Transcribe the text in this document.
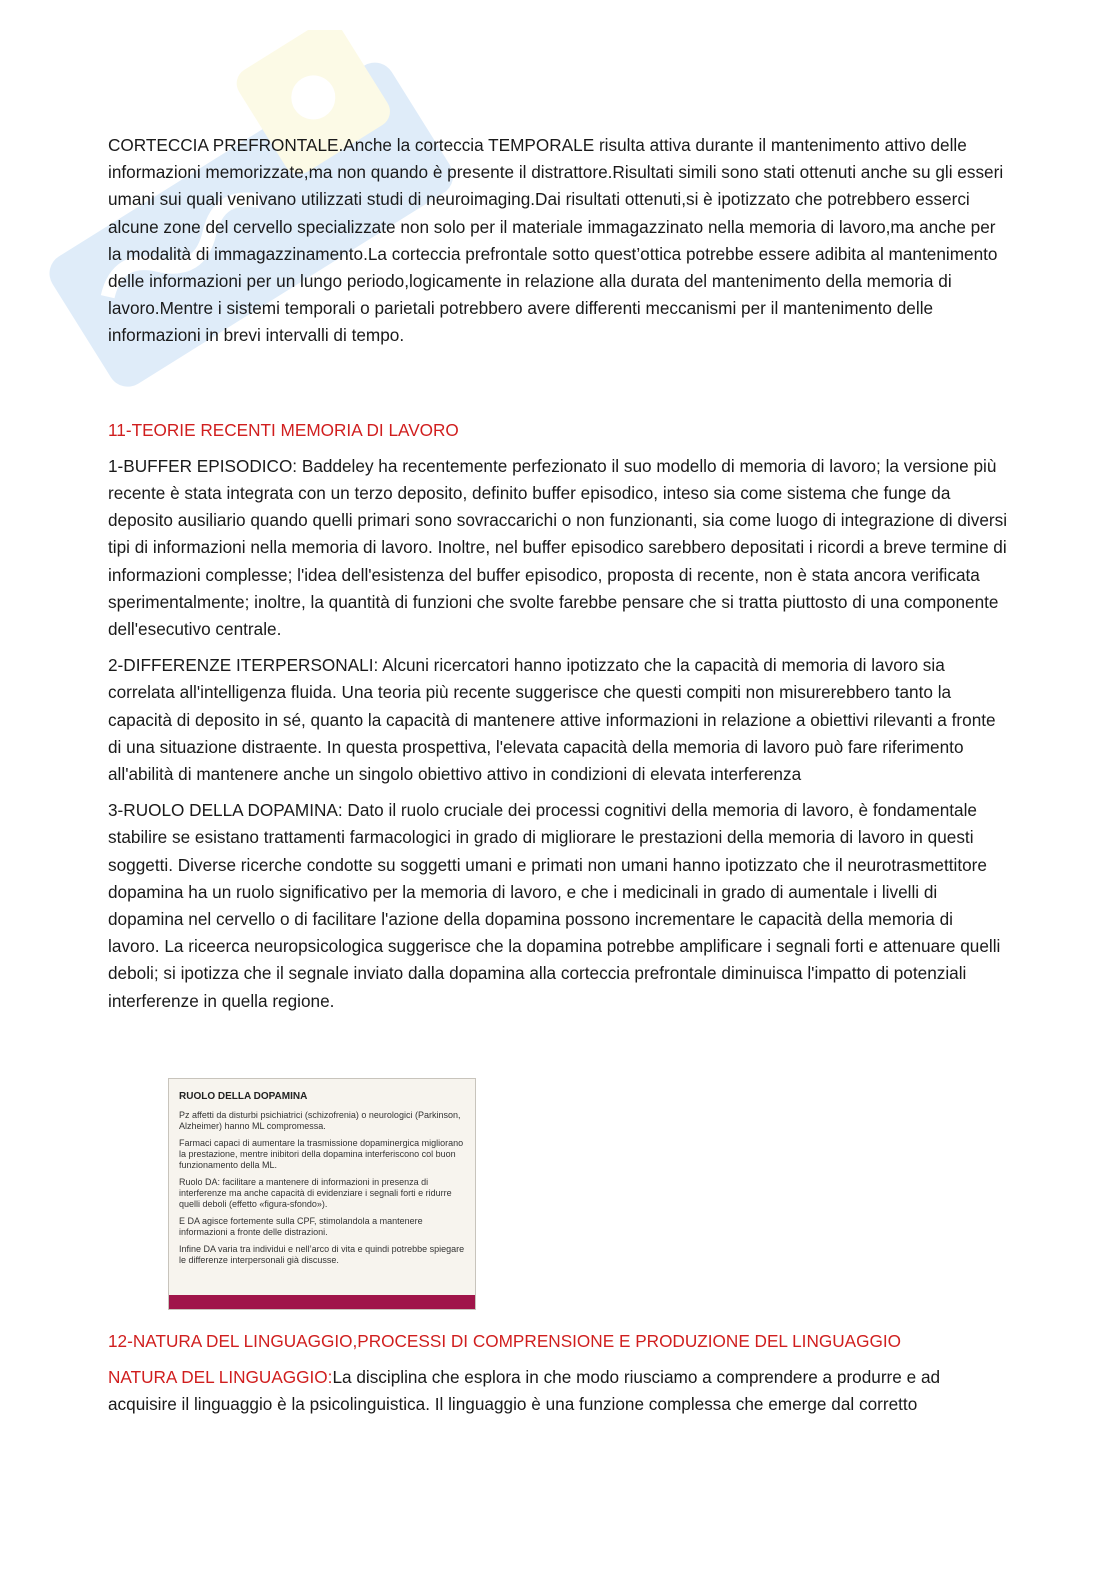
CORTECCIA PREFRONTALE.Anche la corteccia TEMPORALE risulta attiva durante il mantenimento attivo delle informazioni memorizzate,ma non quando è presente il distrattore.Risultati simili sono stati ottenuti anche su gli esseri umani sui quali venivano utilizzati studi di neuroimaging.Dai risultati ottenuti,si è ipotizzato che potrebbero esserci alcune zone del cervello specializzate non solo per il materiale immagazzinato nella memoria di lavoro,ma anche per la modalità di immagazzinamento.La corteccia prefrontale sotto quest’ottica potrebbe essere adibita al mantenimento delle informazioni per un lungo periodo,logicamente in relazione alla durata del mantenimento della memoria di lavoro.Mentre i sistemi temporali o parietali potrebbero avere differenti meccanismi per il mantenimento delle informazioni in brevi intervalli di tempo.

11-TEORIE RECENTI MEMORIA DI LAVORO

1-BUFFER EPISODICO: Baddeley ha recentemente perfezionato il suo modello di memoria di lavoro; la versione più recente è stata integrata con un terzo deposito, definito buffer episodico, inteso sia come sistema che funge da deposito ausiliario quando quelli primari sono sovraccarichi o non funzionanti, sia come luogo di integrazione di diversi tipi di informazioni nella memoria di lavoro. Inoltre, nel buffer episodico sarebbero depositati i ricordi a breve termine di informazioni complesse; l'idea dell'esistenza del buffer episodico, proposta di recente, non è stata ancora verificata sperimentalmente; inoltre, la quantità di funzioni che svolte farebbe pensare che si tratta piuttosto di una componente dell'esecutivo centrale.

2-DIFFERENZE ITERPERSONALI: Alcuni ricercatori hanno ipotizzato che la capacità di memoria di lavoro sia correlata all'intelligenza fluida. Una teoria più recente suggerisce che questi compiti non misurerebbero tanto la capacità di deposito in sé, quanto la capacità di mantenere attive informazioni in relazione a obiettivi rilevanti a fronte di una situazione distraente. In questa prospettiva, l'elevata capacità della memoria di lavoro può fare riferimento all'abilità di mantenere anche un singolo obiettivo attivo in condizioni di elevata interferenza

3-RUOLO DELLA DOPAMINA: Dato il ruolo cruciale dei processi cognitivi della memoria di lavoro, è fondamentale stabilire se esistano trattamenti farmacologici in grado di migliorare le prestazioni della memoria di lavoro in questi soggetti. Diverse ricerche condotte su soggetti umani e primati non umani hanno ipotizzato che il neurotrasmettitore dopamina ha un ruolo significativo per la memoria di lavoro, e che i medicinali in grado di aumentale i livelli di dopamina nel cervello o di facilitare l'azione della dopamina possono incrementare le capacità della memoria di lavoro. La riceerca neuropsicologica suggerisce che la dopamina potrebbe amplificare i segnali forti e attenuare quelli deboli; si ipotizza che il segnale inviato dalla dopamina alla corteccia prefrontale diminuisca l'impatto di potenziali interferenze in quella regione.

RUOLO DELLA DOPAMINA

Pz affetti da disturbi psichiatrici (schizofrenia) o neurologici (Parkinson, Alzheimer) hanno ML compromessa.

Farmaci capaci di aumentare la trasmissione dopaminergica migliorano la prestazione, mentre inibitori della dopamina interferiscono col buon funzionamento della ML.

Ruolo DA: facilitare a mantenere di informazioni in presenza di interferenze ma anche capacità di evidenziare i segnali forti e ridurre quelli deboli (effetto «figura-sfondo»).

E DA agisce fortemente sulla CPF, stimolandola a mantenere informazioni a fronte delle distrazioni.

Infine DA varia tra individui e nell’arco di vita e quindi potrebbe spiegare le differenze interpersonali già discusse.

12-NATURA DEL LINGUAGGIO,PROCESSI DI COMPRENSIONE E PRODUZIONE DEL LINGUAGGIO

NATURA DEL LINGUAGGIO:La disciplina che esplora in che modo riusciamo a comprendere a produrre e ad acquisire il linguaggio è la psicolinguistica. Il linguaggio è una funzione complessa che emerge dal corretto
